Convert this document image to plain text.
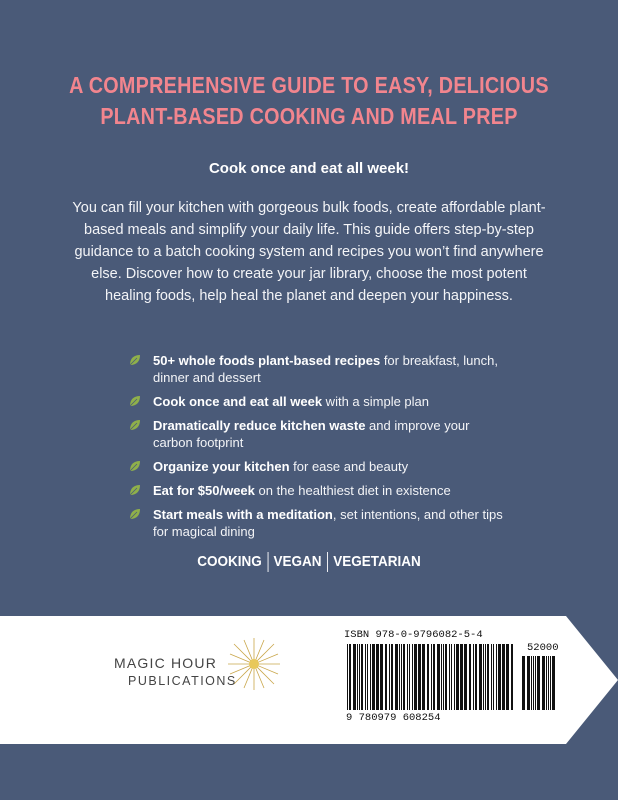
A COMPREHENSIVE GUIDE TO EASY, DELICIOUS
PLANT-BASED COOKING AND MEAL PREP
Cook once and eat all week!
You can fill your kitchen with gorgeous bulk foods, create affordable plant-based meals and simplify your daily life. This guide offers step-by-step guidance to a batch cooking system and recipes you won’t find anywhere else. Discover how to create your jar library, choose the most potent healing foods, help heal the planet and deepen your happiness.
50+ whole foods plant-based recipes for breakfast, lunch, dinner and dessert
Cook once and eat all week with a simple plan
Dramatically reduce kitchen waste and improve your carbon footprint
Organize your kitchen for ease and beauty
Eat for $50/week on the healthiest diet in existence
Start meals with a meditation, set intentions, and other tips for magical dining
COOKING VEGAN VEGETARIAN
MAGIC HOUR
PUBLICATIONS
ISBN 978-0-9796082-5-4
52000
9 780979 608254
